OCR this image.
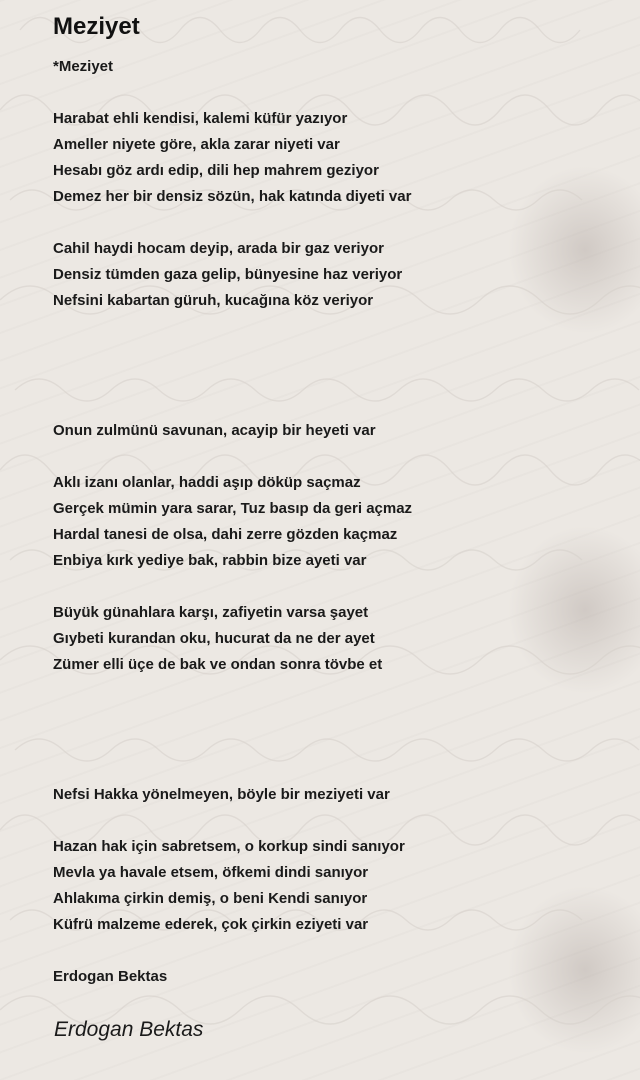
Meziyet
*Meziyet
Harabat ehli kendisi, kalemi küfür yazıyor
Ameller niyete göre, akla zarar niyeti var
Hesabı göz ardı edip, dili hep mahrem geziyor
Demez her bir densiz sözün, hak katında diyeti var
Cahil haydi hocam deyip, arada bir gaz veriyor
Densiz tümden gaza gelip, bünyesine haz veriyor
Nefsini kabartan güruh, kucağına köz veriyor
Onun zulmünü savunan, acayip bir heyeti var
Aklı izanı olanlar, haddi aşıp döküp saçmaz
Gerçek mümin yara sarar, Tuz basıp da geri açmaz
Hardal tanesi de olsa, dahi zerre gözden kaçmaz
Enbiya kırk yediye bak, rabbin bize ayeti var
Büyük günahlara karşı, zafiyetin varsa şayet
Gıybeti kurandan oku, hucurat da ne der ayet
Zümer elli üçe de bak ve ondan sonra tövbe et
Nefsi Hakka yönelmeyen, böyle bir meziyeti var
Hazan hak için sabretsem, o korkup sindi sanıyor
Mevla ya havale etsem, öfkemi dindi sanıyor
Ahlakıma çirkin demiş, o beni Kendi sanıyor
Küfrü malzeme ederek, çok çirkin eziyeti var
Erdogan Bektas
Erdogan Bektas
